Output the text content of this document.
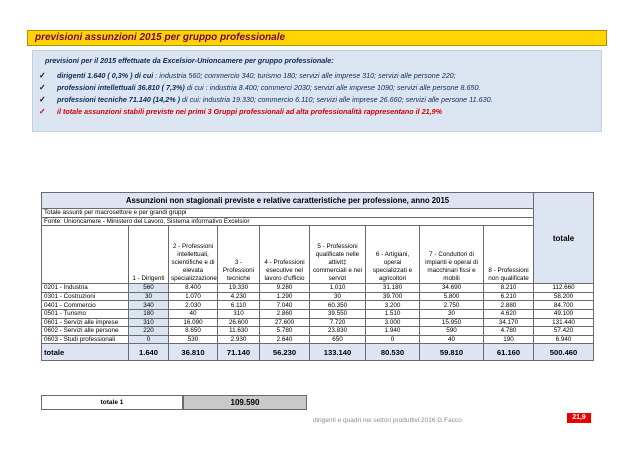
previsioni assunzioni 2015 per gruppo professionale
previsioni per il 2015 effettuate da Excelsior-Unioncamere per gruppo professionale:
✓	dirigenti 1.640 ( 0,3% ) di cui : industria 560; commercio 340; turismo 180; servizi alle imprese 310; servizi alle persone 220;
✓	professioni intellettuali 36.810 ( 7,3%) di cui : industria 8.400; commerci 2030; servizi alle imprese 1090; servizi alle persone 8.650.
✓	professioni tecniche 71.140 (14,2% ) di cui: industria 19.330; commercio 6.110; servizi alle imprese 26.660; servizi alle persone 11.630.
✓	il totale assunzioni stabili previste nei primi 3 Gruppi professionali ad alta professionalità rappresentano il 21,9%
Assunzioni non stagionali previste e relative caratteristiche per professione, anno 2015									totale
Totale assunti per macrosettore e per grandi gruppi									
Fonte: Unioncamere - Ministero del Lavoro, Sistema informativo Excelsior									
	1 - Dirigenti	2 - Professioni intellettuali, scientifiche e di elevata specializzazione	3 - Professioni tecniche	4 - Professioni esecutive nel lavoro d'ufficio	5 - Professioni qualificate nelle attivit‡ commerciali e nei servizi	6 - Artigiani, operai specializzati e agricoltori	7 - Conduttori di impianti e operai di macchinari fissi e mobili	8 - Professioni non qualificate	
0201 - Industria	560	8.400	19.330	9.280	1.010	31.180	34.690	8.210	112.660
0301 - Costruzioni	30	1.070	4.230	1.290	30	39.700	5.800	6.210	58.200
0401 - Commercio	340	2.030	6.110	7.040	60.350	3.200	2.750	2.880	84.700
0501 - Turismo	180	40	310	2.860	39.550	1.510	30	4.620	49.100
0601 - Servizi alle imprese	310	16.090	26.600	27.600	7.720	3.000	15.950	34.170	131.440
0602 - Servizi alle persone	220	8.650	11.630	5.780	23.830	1.940	590	4.780	57.420
0603 - Studi professionali	0	530	2.930	2.640	650	0	40	190	6.940
totale	1.640	36.810	71.140	56.230	133.140	80.530	59.810	61.160	500.460
totale 1	109.590
dirigenti e quadri nei settori produttivi 2016 G.Facco	21,9
